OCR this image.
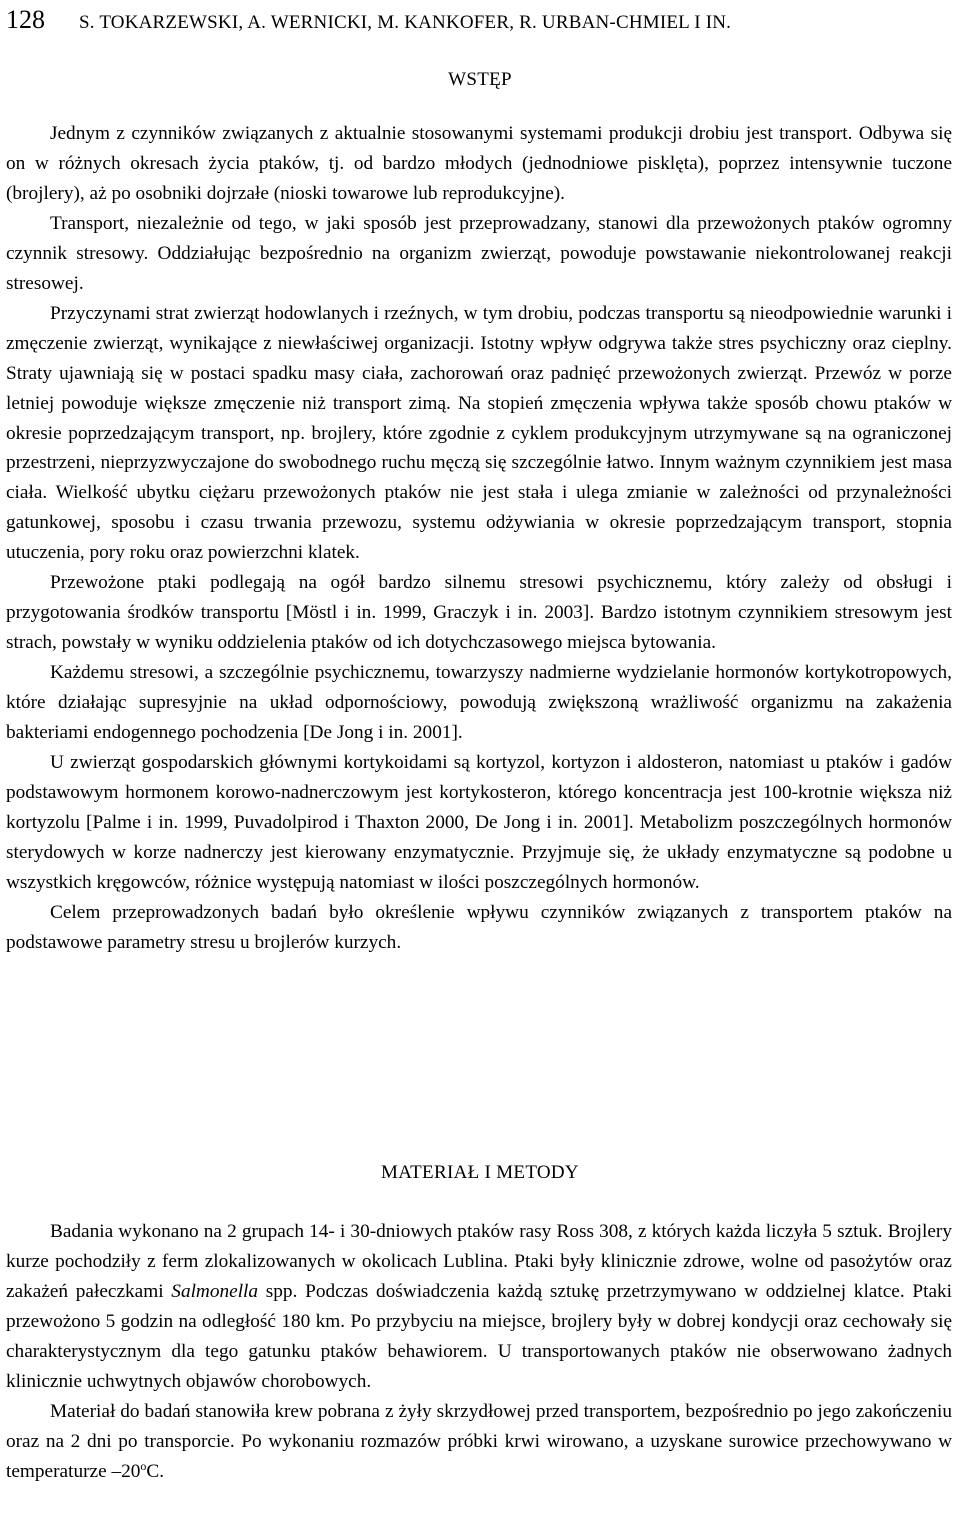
128 S. TOKARZEWSKI, A. WERNICKI, M. KANKOFER, R. URBAN-CHMIEL I IN.
WSTĘP

Jednym z czynników związanych z aktualnie stosowanymi systemami produkcji drobiu jest transport. Odbywa się on w różnych okresach życia ptaków, tj. od bardzo młodych (jednodniowe pisklęta), poprzez intensywnie tuczone (brojlery), aż po osobniki dojrzałe (nioski towarowe lub reprodukcyjne).

Transport, niezależnie od tego, w jaki sposób jest przeprowadzany, stanowi dla przewożonych ptaków ogromny czynnik stresowy. Oddziałując bezpośrednio na organizm zwierząt, powoduje powstawanie niekontrolowanej reakcji stresowej.

Przyczynami strat zwierząt hodowlanych i rzeźnych, w tym drobiu, podczas transportu są nieodpowiednie warunki i zmęczenie zwierząt, wynikające z niewłaściwej organizacji. Istotny wpływ odgrywa także stres psychiczny oraz cieplny. Straty ujawniają się w postaci spadku masy ciała, zachorowań oraz padnięć przewożonych zwierząt. Przewóz w porze letniej powoduje większe zmęczenie niż transport zimą. Na stopień zmęczenia wpływa także sposób chowu ptaków w okresie poprzedzającym transport, np. brojlery, które zgodnie z cyklem produkcyjnym utrzymywane są na ograniczonej przestrzeni, nieprzyzwyczajone do swobodnego ruchu męczą się szczególnie łatwo. Innym ważnym czynnikiem jest masa ciała. Wielkość ubytku ciężaru przewożonych ptaków nie jest stała i ulega zmianie w zależności od przynależności gatunkowej, sposobu i czasu trwania przewozu, systemu odżywiania w okresie poprzedzającym transport, stopnia utuczenia, pory roku oraz powierzchni klatek.

Przewożone ptaki podlegają na ogół bardzo silnemu stresowi psychicznemu, który zależy od obsługi i przygotowania środków transportu [Möstl i in. 1999, Graczyk i in. 2003]. Bardzo istotnym czynnikiem stresowym jest strach, powstały w wyniku oddzielenia ptaków od ich dotychczasowego miejsca bytowania.

Każdemu stresowi, a szczególnie psychicznemu, towarzyszy nadmierne wydzielanie hormonów kortykotropowych, które działając supresyjnie na układ odpornościowy, powodują zwiększoną wrażliwość organizmu na zakażenia bakteriami endogennego pochodzenia [De Jong i in. 2001].

U zwierząt gospodarskich głównymi kortykoidami są kortyzol, kortyzon i aldosteron, natomiast u ptaków i gadów podstawowym hormonem korowo-nadnerczowym jest kortykosteron, którego koncentracja jest 100-krotnie większa niż kortyzolu [Palme i in. 1999, Puvadolpirod i Thaxton 2000, De Jong i in. 2001]. Metabolizm poszczególnych hormonów sterydowych w korze nadnerczy jest kierowany enzymatycznie. Przyjmuje się, że układy enzymatyczne są podobne u wszystkich kręgowców, różnice występują natomiast w ilości poszczególnych hormonów.

Celem przeprowadzonych badań było określenie wpływu czynników związanych z transportem ptaków na podstawowe parametry stresu u brojlerów kurzych.

MATERIAŁ I METODY

Badania wykonano na 2 grupach 14- i 30-dniowych ptaków rasy Ross 308, z których każda liczyła 5 sztuk. Brojlery kurze pochodziły z ferm zlokalizowanych w okolicach Lublina. Ptaki były klinicznie zdrowe, wolne od pasożytów oraz zakażeń pałeczkami Salmonella spp. Podczas doświadczenia każdą sztukę przetrzymywano w oddzielnej klatce. Ptaki przewożono 5 godzin na odległość 180 km. Po przybyciu na miejsce, brojlery były w dobrej kondycji oraz cechowały się charakterystycznym dla tego gatunku ptaków behawiorem. U transportowanych ptaków nie obserwowano żadnych klinicznie uchwytnych objawów chorobowych.

Materiał do badań stanowiła krew pobrana z żyły skrzydłowej przed transportem, bezpośrednio po jego zakończeniu oraz na 2 dni po transporcie. Po wykonaniu rozmazów próbki krwi wirowano, a uzyskane surowice przechowywano w temperaturze –20$^o$C.
